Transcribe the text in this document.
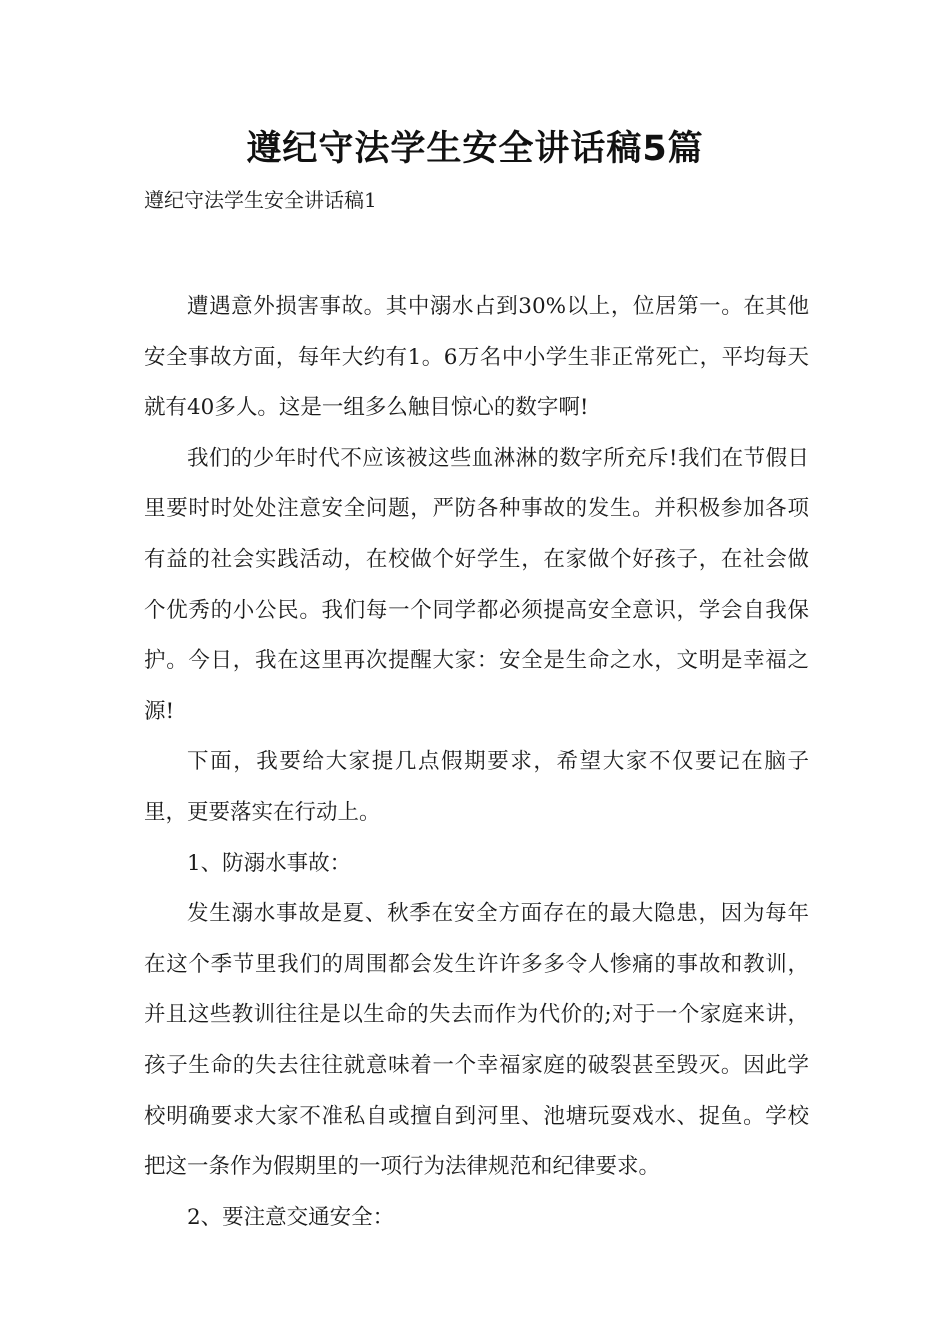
遵纪守法学生安全讲话稿5篇
遵纪守法学生安全讲话稿1

遭遇意外损害事故。其中溺水占到30%以上，位居第一。在其他安全事故方面，每年大约有1。6万名中小学生非正常死亡，平均每天就有40多人。这是一组多么触目惊心的数字啊!

我们的少年时代不应该被这些血淋淋的数字所充斥!我们在节假日里要时时处处注意安全问题，严防各种事故的发生。并积极参加各项有益的社会实践活动，在校做个好学生，在家做个好孩子，在社会做个优秀的小公民。我们每一个同学都必须提高安全意识，学会自我保护。今日，我在这里再次提醒大家：安全是生命之水，文明是幸福之源!

下面，我要给大家提几点假期要求，希望大家不仅要记在脑子里，更要落实在行动上。

1、防溺水事故：

发生溺水事故是夏、秋季在安全方面存在的最大隐患，因为每年在这个季节里我们的周围都会发生许许多多令人惨痛的事故和教训，并且这些教训往往是以生命的失去而作为代价的;对于一个家庭来讲，孩子生命的失去往往就意味着一个幸福家庭的破裂甚至毁灭。因此学校明确要求大家不准私自或擅自到河里、池塘玩耍戏水、捉鱼。学校把这一条作为假期里的一项行为法律规范和纪律要求。

2、要注意交通安全：
